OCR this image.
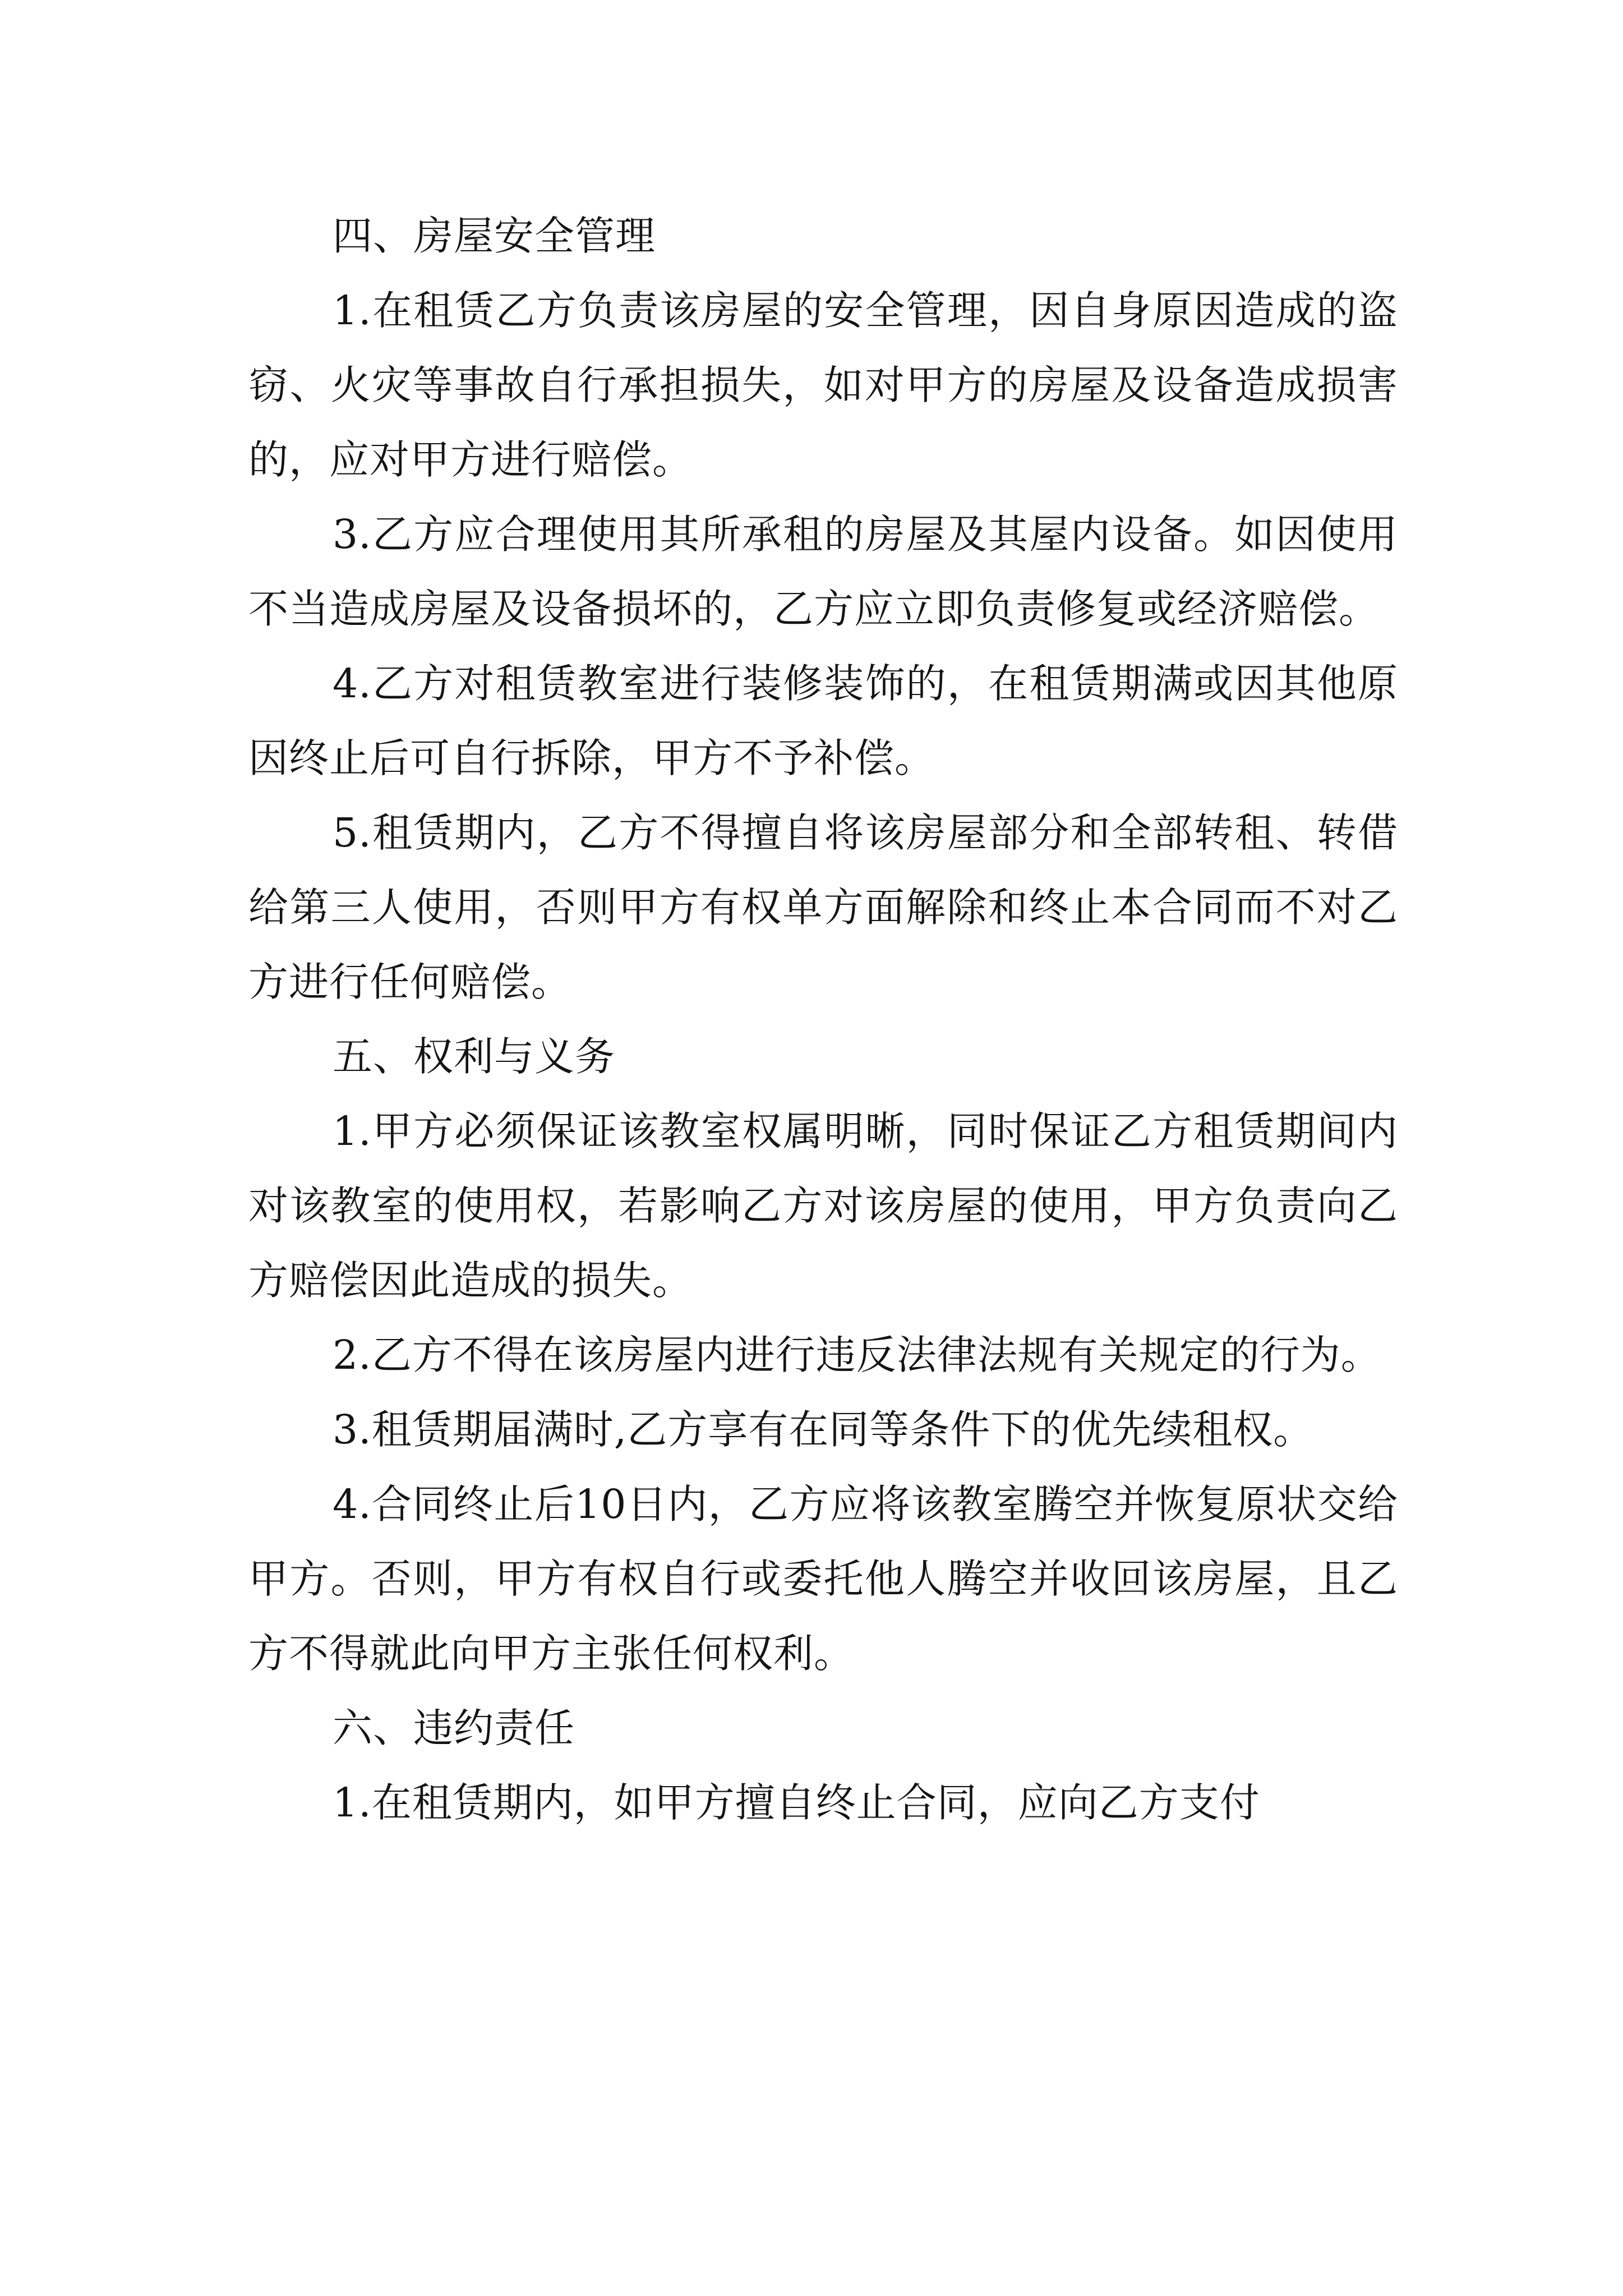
四、房屋安全管理

1.在租赁乙方负责该房屋的安全管理，因自身原因造成的盗窃、火灾等事故自行承担损失，如对甲方的房屋及设备造成损害的，应对甲方进行赔偿。

3.乙方应合理使用其所承租的房屋及其屋内设备。如因使用不当造成房屋及设备损坏的，乙方应立即负责修复或经济赔偿。

4.乙方对租赁教室进行装修装饰的，在租赁期满或因其他原因终止后可自行拆除，甲方不予补偿。

5.租赁期内，乙方不得擅自将该房屋部分和全部转租、转借给第三人使用，否则甲方有权单方面解除和终止本合同而不对乙方进行任何赔偿。

五、权利与义务

1.甲方必须保证该教室权属明晰，同时保证乙方租赁期间内对该教室的使用权，若影响乙方对该房屋的使用，甲方负责向乙方赔偿因此造成的损失。

2.乙方不得在该房屋内进行违反法律法规有关规定的行为。

3.租赁期届满时,乙方享有在同等条件下的优先续租权。

4.合同终止后10日内，乙方应将该教室腾空并恢复原状交给甲方。否则，甲方有权自行或委托他人腾空并收回该房屋，且乙方不得就此向甲方主张任何权利。

六、违约责任

1.在租赁期内，如甲方擅自终止合同，应向乙方支付
